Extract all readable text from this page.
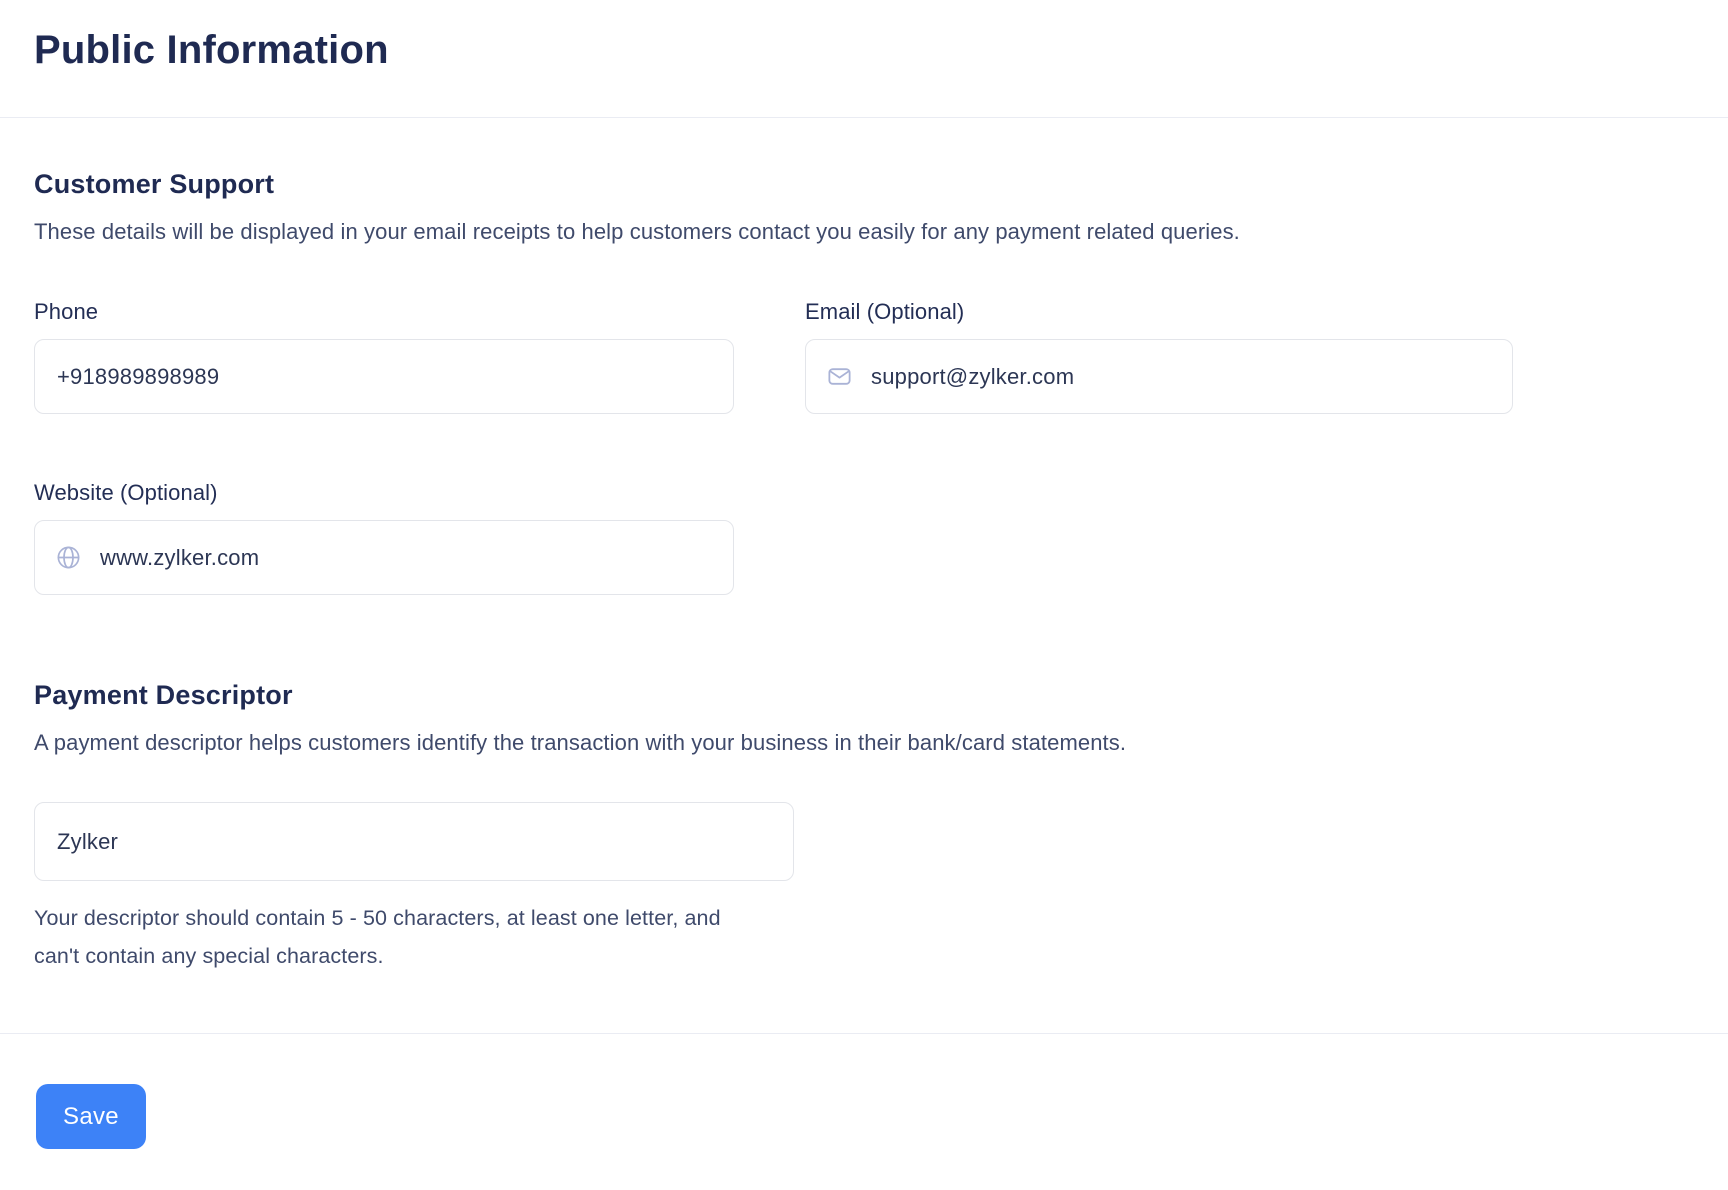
Public Information
Customer Support

These details will be displayed in your email receipts to help customers contact you easily for any payment related queries.

Phone
+918989898989	Email (Optional)
support@zylker.com
Website (Optional)
www.zylker.com
Payment Descriptor

A payment descriptor helps customers identify the transaction with your business in their bank/card statements.

Zylker

Your descriptor should contain 5 - 50 characters, at least one letter, and can't contain any special characters.

Save
